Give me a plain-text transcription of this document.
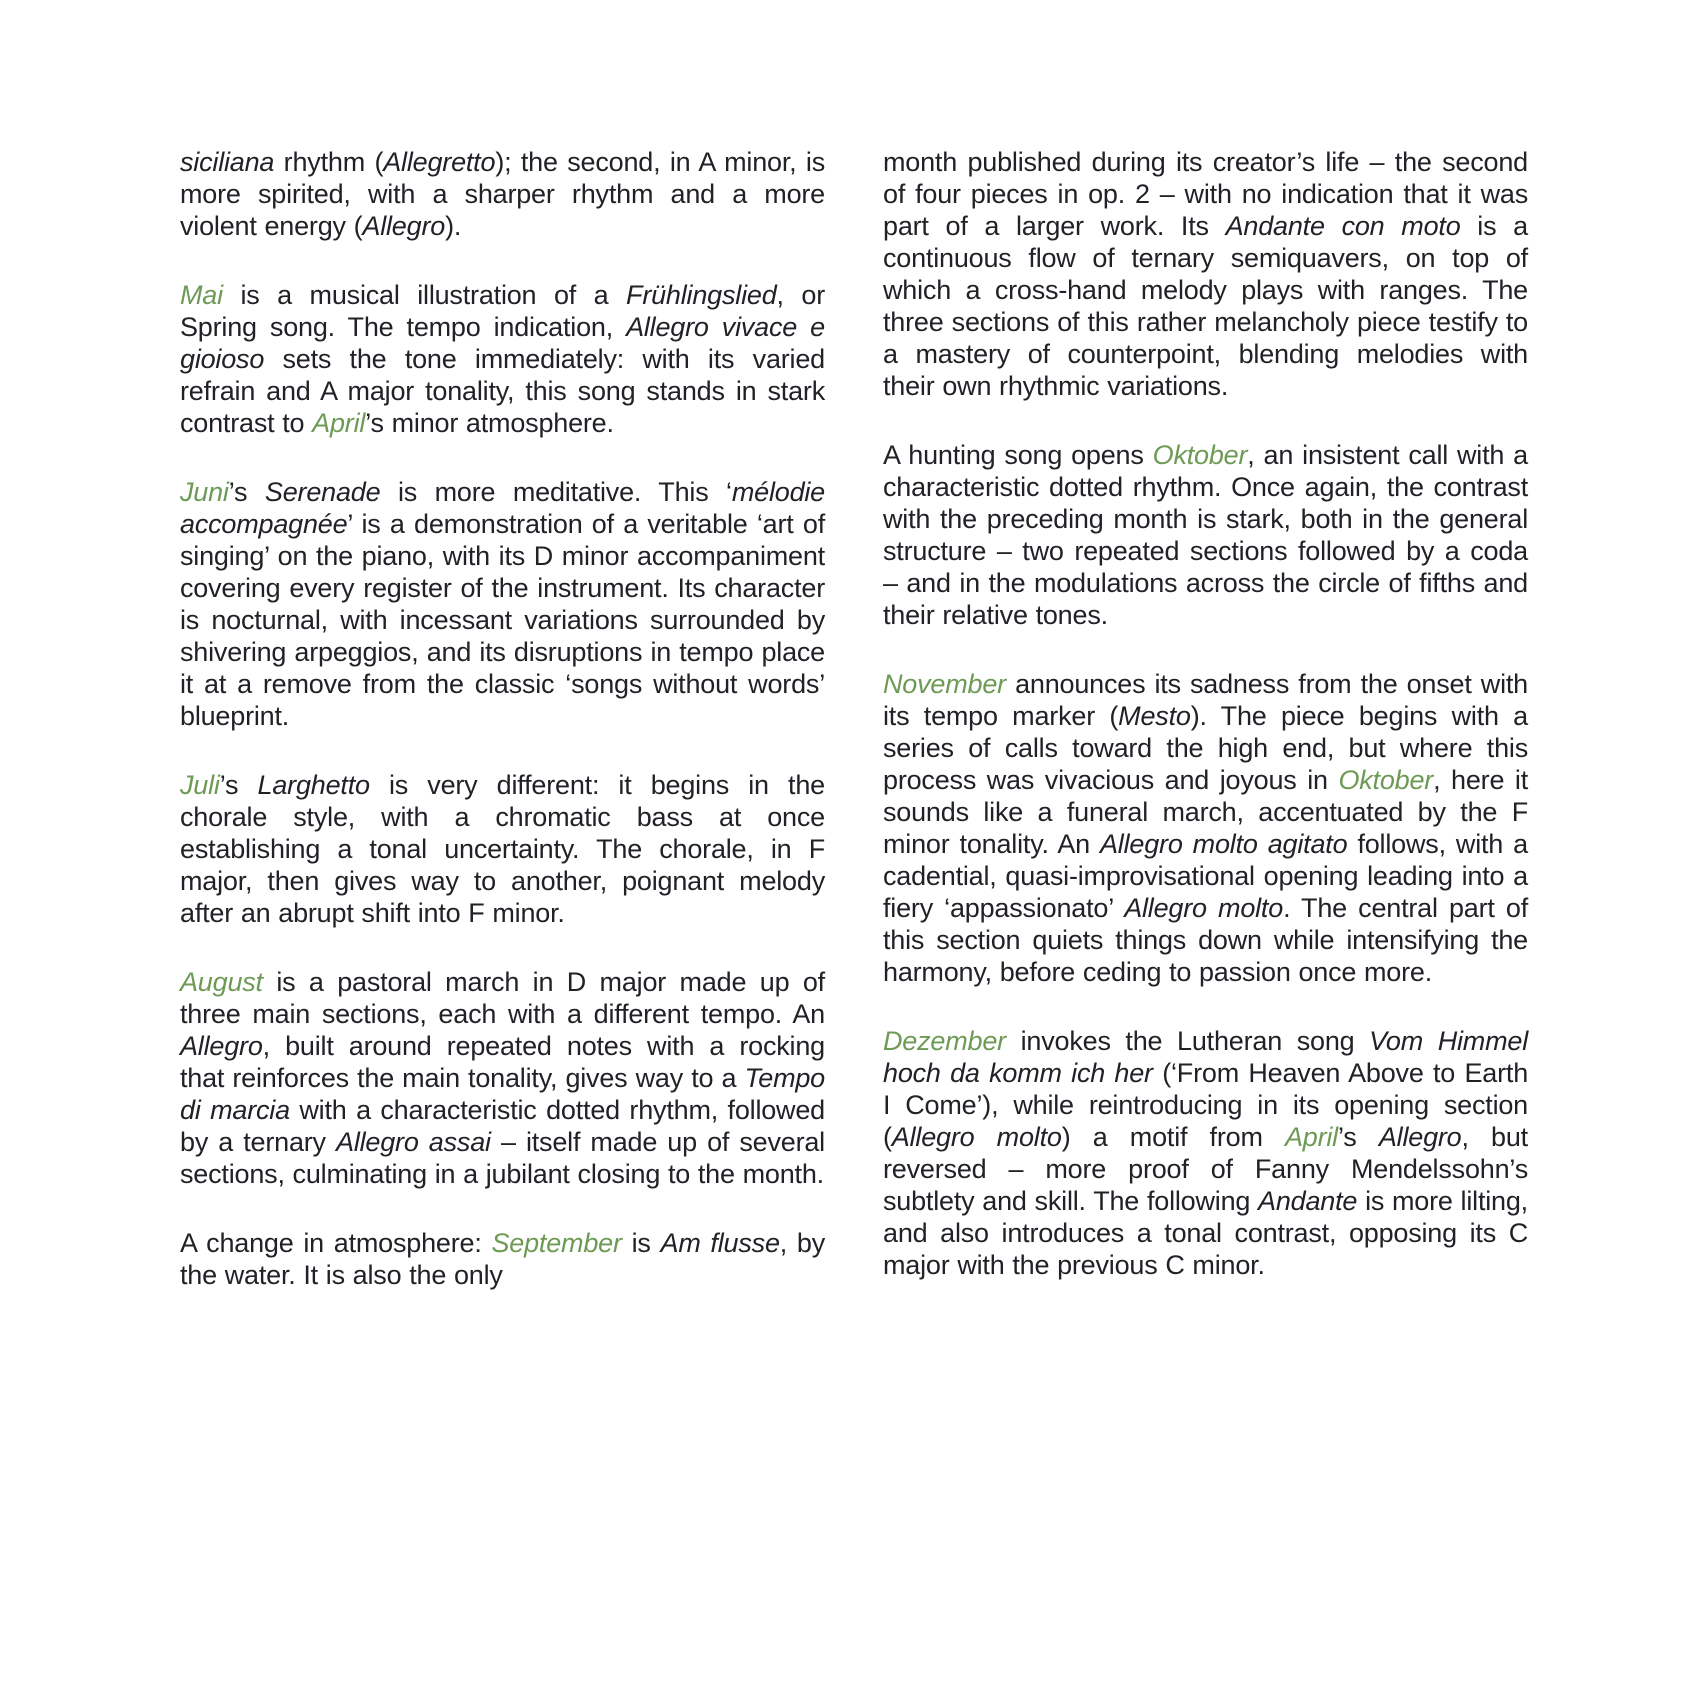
siciliana rhythm (Allegretto); the second, in A minor, is more spirited, with a sharper rhythm and a more violent energy (Allegro).

Mai is a musical illustration of a Frühlingslied, or Spring song. The tempo indication, Allegro vivace e gioioso sets the tone immediately: with its varied refrain and A major tonality, this song stands in stark contrast to April’s minor atmosphere.

Juni’s Serenade is more meditative. This ‘mélodie accompagnée’ is a demonstration of a veritable ‘art of singing’ on the piano, with its D minor accompaniment covering every register of the instrument. Its character is nocturnal, with incessant variations surrounded by shivering arpeggios, and its disruptions in tempo place it at a remove from the classic ‘songs without words’ blueprint.

Juli’s Larghetto is very different: it begins in the chorale style, with a chromatic bass at once establishing a tonal uncertainty. The chorale, in F major, then gives way to another, poignant melody after an abrupt shift into F minor.

August is a pastoral march in D major made up of three main sections, each with a different tempo. An Allegro, built around repeated notes with a rocking that reinforces the main tonality, gives way to a Tempo di marcia with a characteristic dotted rhythm, followed by a ternary Allegro assai – itself made up of several sections, culminating in a jubilant closing to the month.

A change in atmosphere: September is Am flusse, by the water. It is also the only

month published during its creator’s life – the second of four pieces in op. 2 – with no indication that it was part of a larger work. Its Andante con moto is a continuous flow of ternary semiquavers, on top of which a cross-hand melody plays with ranges. The three sections of this rather melancholy piece testify to a mastery of counterpoint, blending melodies with their own rhythmic variations.

A hunting song opens Oktober, an insistent call with a characteristic dotted rhythm. Once again, the contrast with the preceding month is stark, both in the general structure – two repeated sections followed by a coda – and in the modulations across the circle of fifths and their relative tones.

November announces its sadness from the onset with its tempo marker (Mesto). The piece begins with a series of calls toward the high end, but where this process was vivacious and joyous in Oktober, here it sounds like a funeral march, accentuated by the F minor tonality. An Allegro molto agitato follows, with a cadential, quasi-improvisational opening leading into a fiery ‘appassionato’ Allegro molto. The central part of this section quiets things down while intensifying the harmony, before ceding to passion once more.

Dezember invokes the Lutheran song Vom Himmel hoch da komm ich her (‘From Heaven Above to Earth I Come’), while reintroducing in its opening section (Allegro molto) a motif from April’s Allegro, but reversed – more proof of Fanny Mendelssohn’s subtlety and skill. The following Andante is more lilting, and also introduces a tonal contrast, opposing its C major with the previous C minor.
